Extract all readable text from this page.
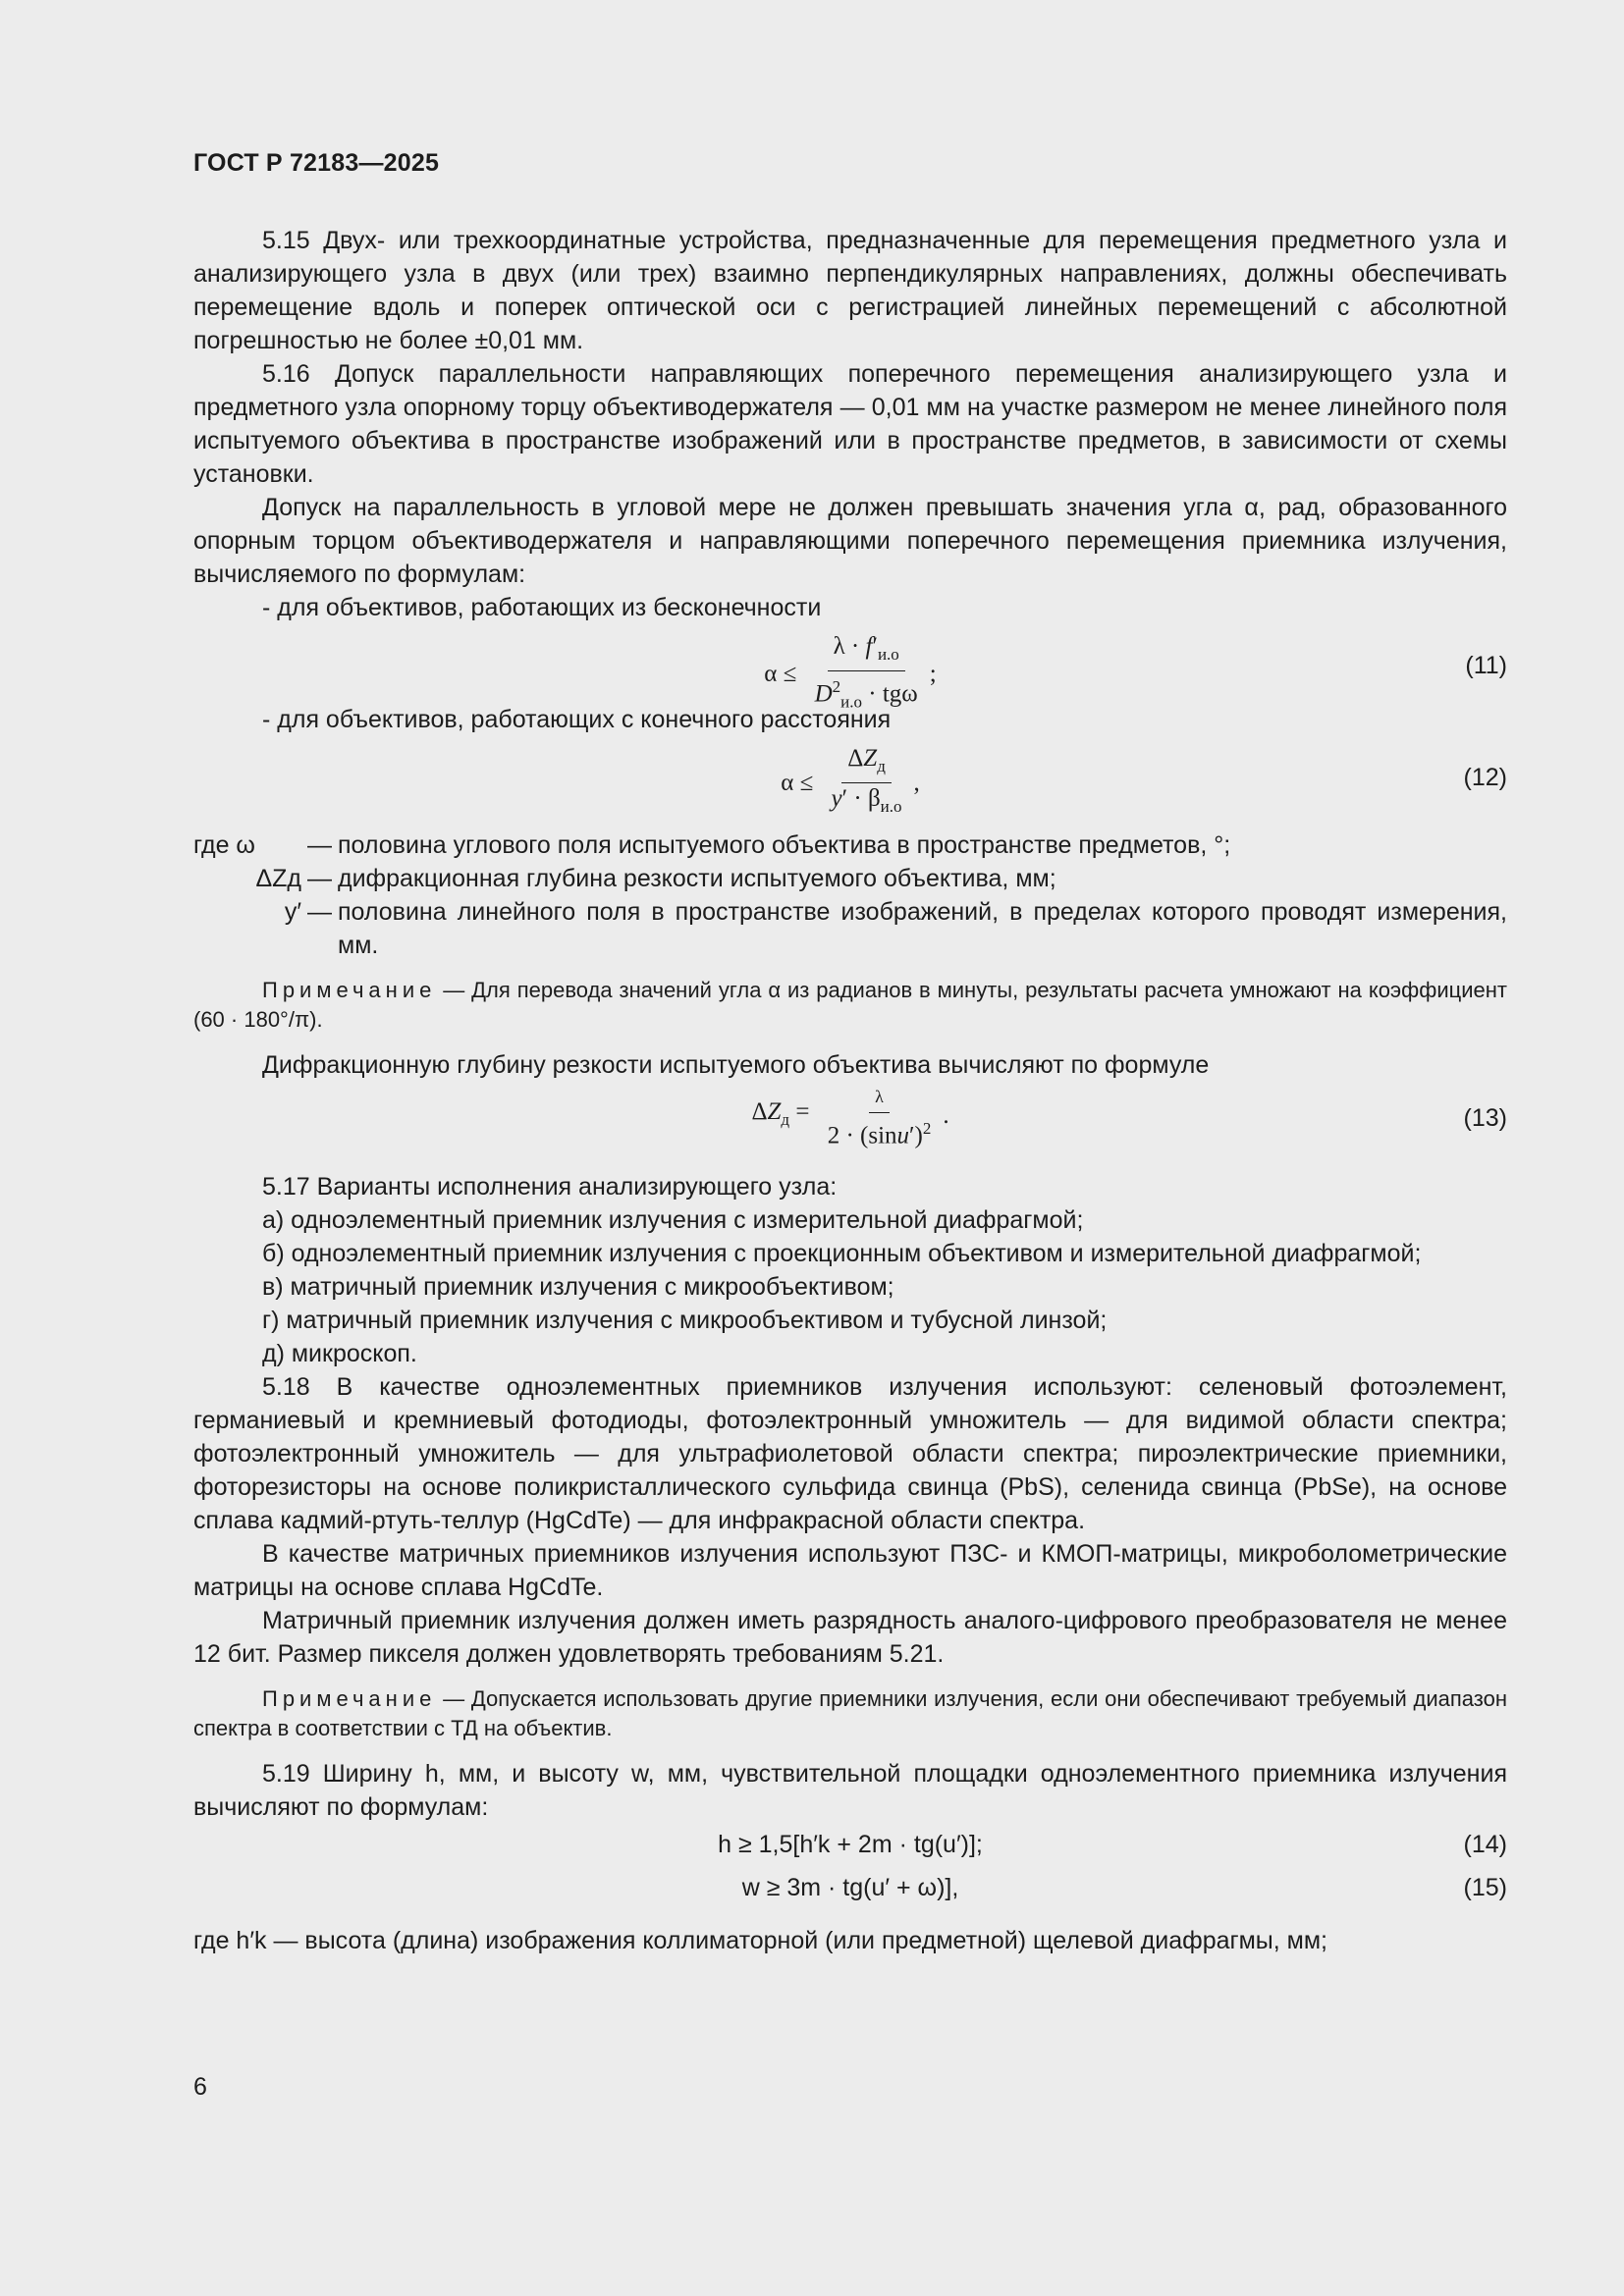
ГОСТ Р 72183—2025

5.15 Двух- или трехкоординатные устройства, предназначенные для перемещения предметного узла и анализирующего узла в двух (или трех) взаимно перпендикулярных направлениях, должны обеспечивать перемещение вдоль и поперек оптической оси с регистрацией линейных перемещений с абсолютной погрешностью не более ±0,01 мм.

5.16 Допуск параллельности направляющих поперечного перемещения анализирующего узла и предметного узла опорному торцу объективодержателя — 0,01 мм на участке размером не менее линейного поля испытуемого объектива в пространстве изображений или в пространстве предметов, в зависимости от схемы установки.

Допуск на параллельность в угловой мере не должен превышать значения угла α, рад, образованного опорным торцом объективодержателя и направляющими поперечного перемещения приемника излучения, вычисляемого по формулам:

- для объективов, работающих из бесконечности

$\alpha \le \frac{\lambda \cdot f'_{и.о}}{D^2_{и.о} \cdot tg\omega}$ ;	(11)

- для объективов, работающих с конечного расстояния

$\alpha \le \frac{\Delta Z_д}{y' \cdot \beta_{и.о}}$ ,	(12)
где ω	— половина углового поля испытуемого объектива в пространстве предметов, °;
ΔZд — дифракционная глубина резкости испытуемого объектива, мм;
y′ — половина линейного поля в пространстве изображений, в пределах которого проводят измерения, мм.

Примечание — Для перевода значений угла α из радианов в минуты, результаты расчета умножают на коэффициент (60 · 180°/π).

Дифракционную глубину резкости испытуемого объектива вычисляют по формуле

$\Delta Z_д = \frac{\lambda}{2 \cdot (\sin u')^2}$ .	(13)

5.17 Варианты исполнения анализирующего узла:

а) одноэлементный приемник излучения с измерительной диафрагмой;

б) одноэлементный приемник излучения с проекционным объективом и измерительной диафрагмой;

в) матричный приемник излучения с микрообъективом;

г) матричный приемник излучения с микрообъективом и тубусной линзой;

д) микроскоп.

5.18 В качестве одноэлементных приемников излучения используют: селеновый фотоэлемент, германиевый и кремниевый фотодиоды, фотоэлектронный умножитель — для видимой области спектра; фотоэлектронный умножитель — для ультрафиолетовой области спектра; пироэлектрические приемники, фоторезисторы на основе поликристаллического сульфида свинца (PbS), селенида свинца (PbSe), на основе сплава кадмий-ртуть-теллур (HgCdTe) — для инфракрасной области спектра.

В качестве матричных приемников излучения используют ПЗС- и КМОП-матрицы, микроболометрические матрицы на основе сплава HgCdTe.

Матричный приемник излучения должен иметь разрядность аналого-цифрового преобразователя не менее 12 бит. Размер пикселя должен удовлетворять требованиям 5.21.

Примечание — Допускается использовать другие приемники излучения, если они обеспечивают требуемый диапазон спектра в соответствии с ТД на объектив.

5.19 Ширину h, мм, и высоту w, мм, чувствительной площадки одноэлементного приемника излучения вычисляют по формулам:

h ≥ 1,5[h′k + 2m · tg(u′)];	(14)
w ≥ 3m · tg(u′ + ω)],	(15)

где h′k — высота (длина) изображения коллиматорной (или предметной) щелевой диафрагмы, мм;

6
